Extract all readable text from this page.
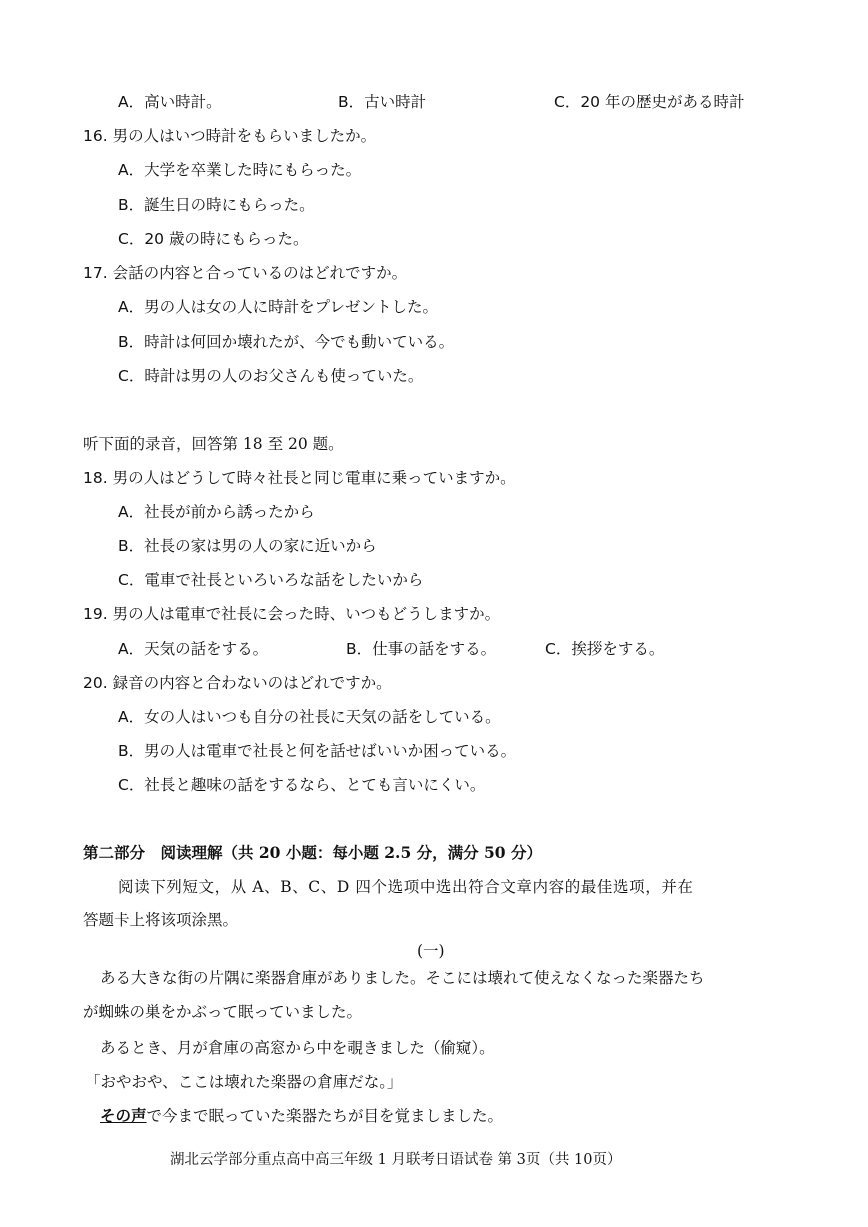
A．高い時計。	B．古い時計	C．20 年の歴史がある時計
16. 男の人はいつ時計をもらいましたか。
A．大学を卒業した時にもらった。
B．誕生日の時にもらった。
C．20 歳の時にもらった。
17. 会話の内容と合っているのはどれですか。
A．男の人は女の人に時計をプレゼントした。
B．時計は何回か壊れたが、今でも動いている。
C．時計は男の人のお父さんも使っていた。
听下面的录音，回答第 18 至 20 题。
18. 男の人はどうして時々社長と同じ電車に乗っていますか。
A．社長が前から誘ったから
B．社長の家は男の人の家に近いから
C．電車で社長といろいろな話をしたいから
19. 男の人は電車で社長に会った時、いつもどうしますか。
A．天気の話をする。	B．仕事の話をする。	C．挨拶をする。
20. 録音の内容と合わないのはどれですか。
A．女の人はいつも自分の社長に天気の話をしている。
B．男の人は電車で社長と何を話せばいいか困っている。
C．社長と趣味の話をするなら、とても言いにくい。
第二部分　阅读理解（共 20 小题：每小题 2.5 分，满分 50 分）
阅读下列短文，从 A、B、C、D 四个选项中选出符合文章内容的最佳选项，并在
答题卡上将该项涂黑。
(一)
ある大きな街の片隅に楽器倉庫がありました。そこには壊れて使えなくなった楽器たち
が蜘蛛の巣をかぶって眠っていました。
あるとき、月が倉庫の高窓から中を覗きました（偷窥）。
「おやおや、ここは壊れた楽器の倉庫だな。」
その声で今まで眠っていた楽器たちが目を覚ましました。
湖北云学部分重点高中高三年级 1 月联考日语试卷 第 3页（共 10页）
